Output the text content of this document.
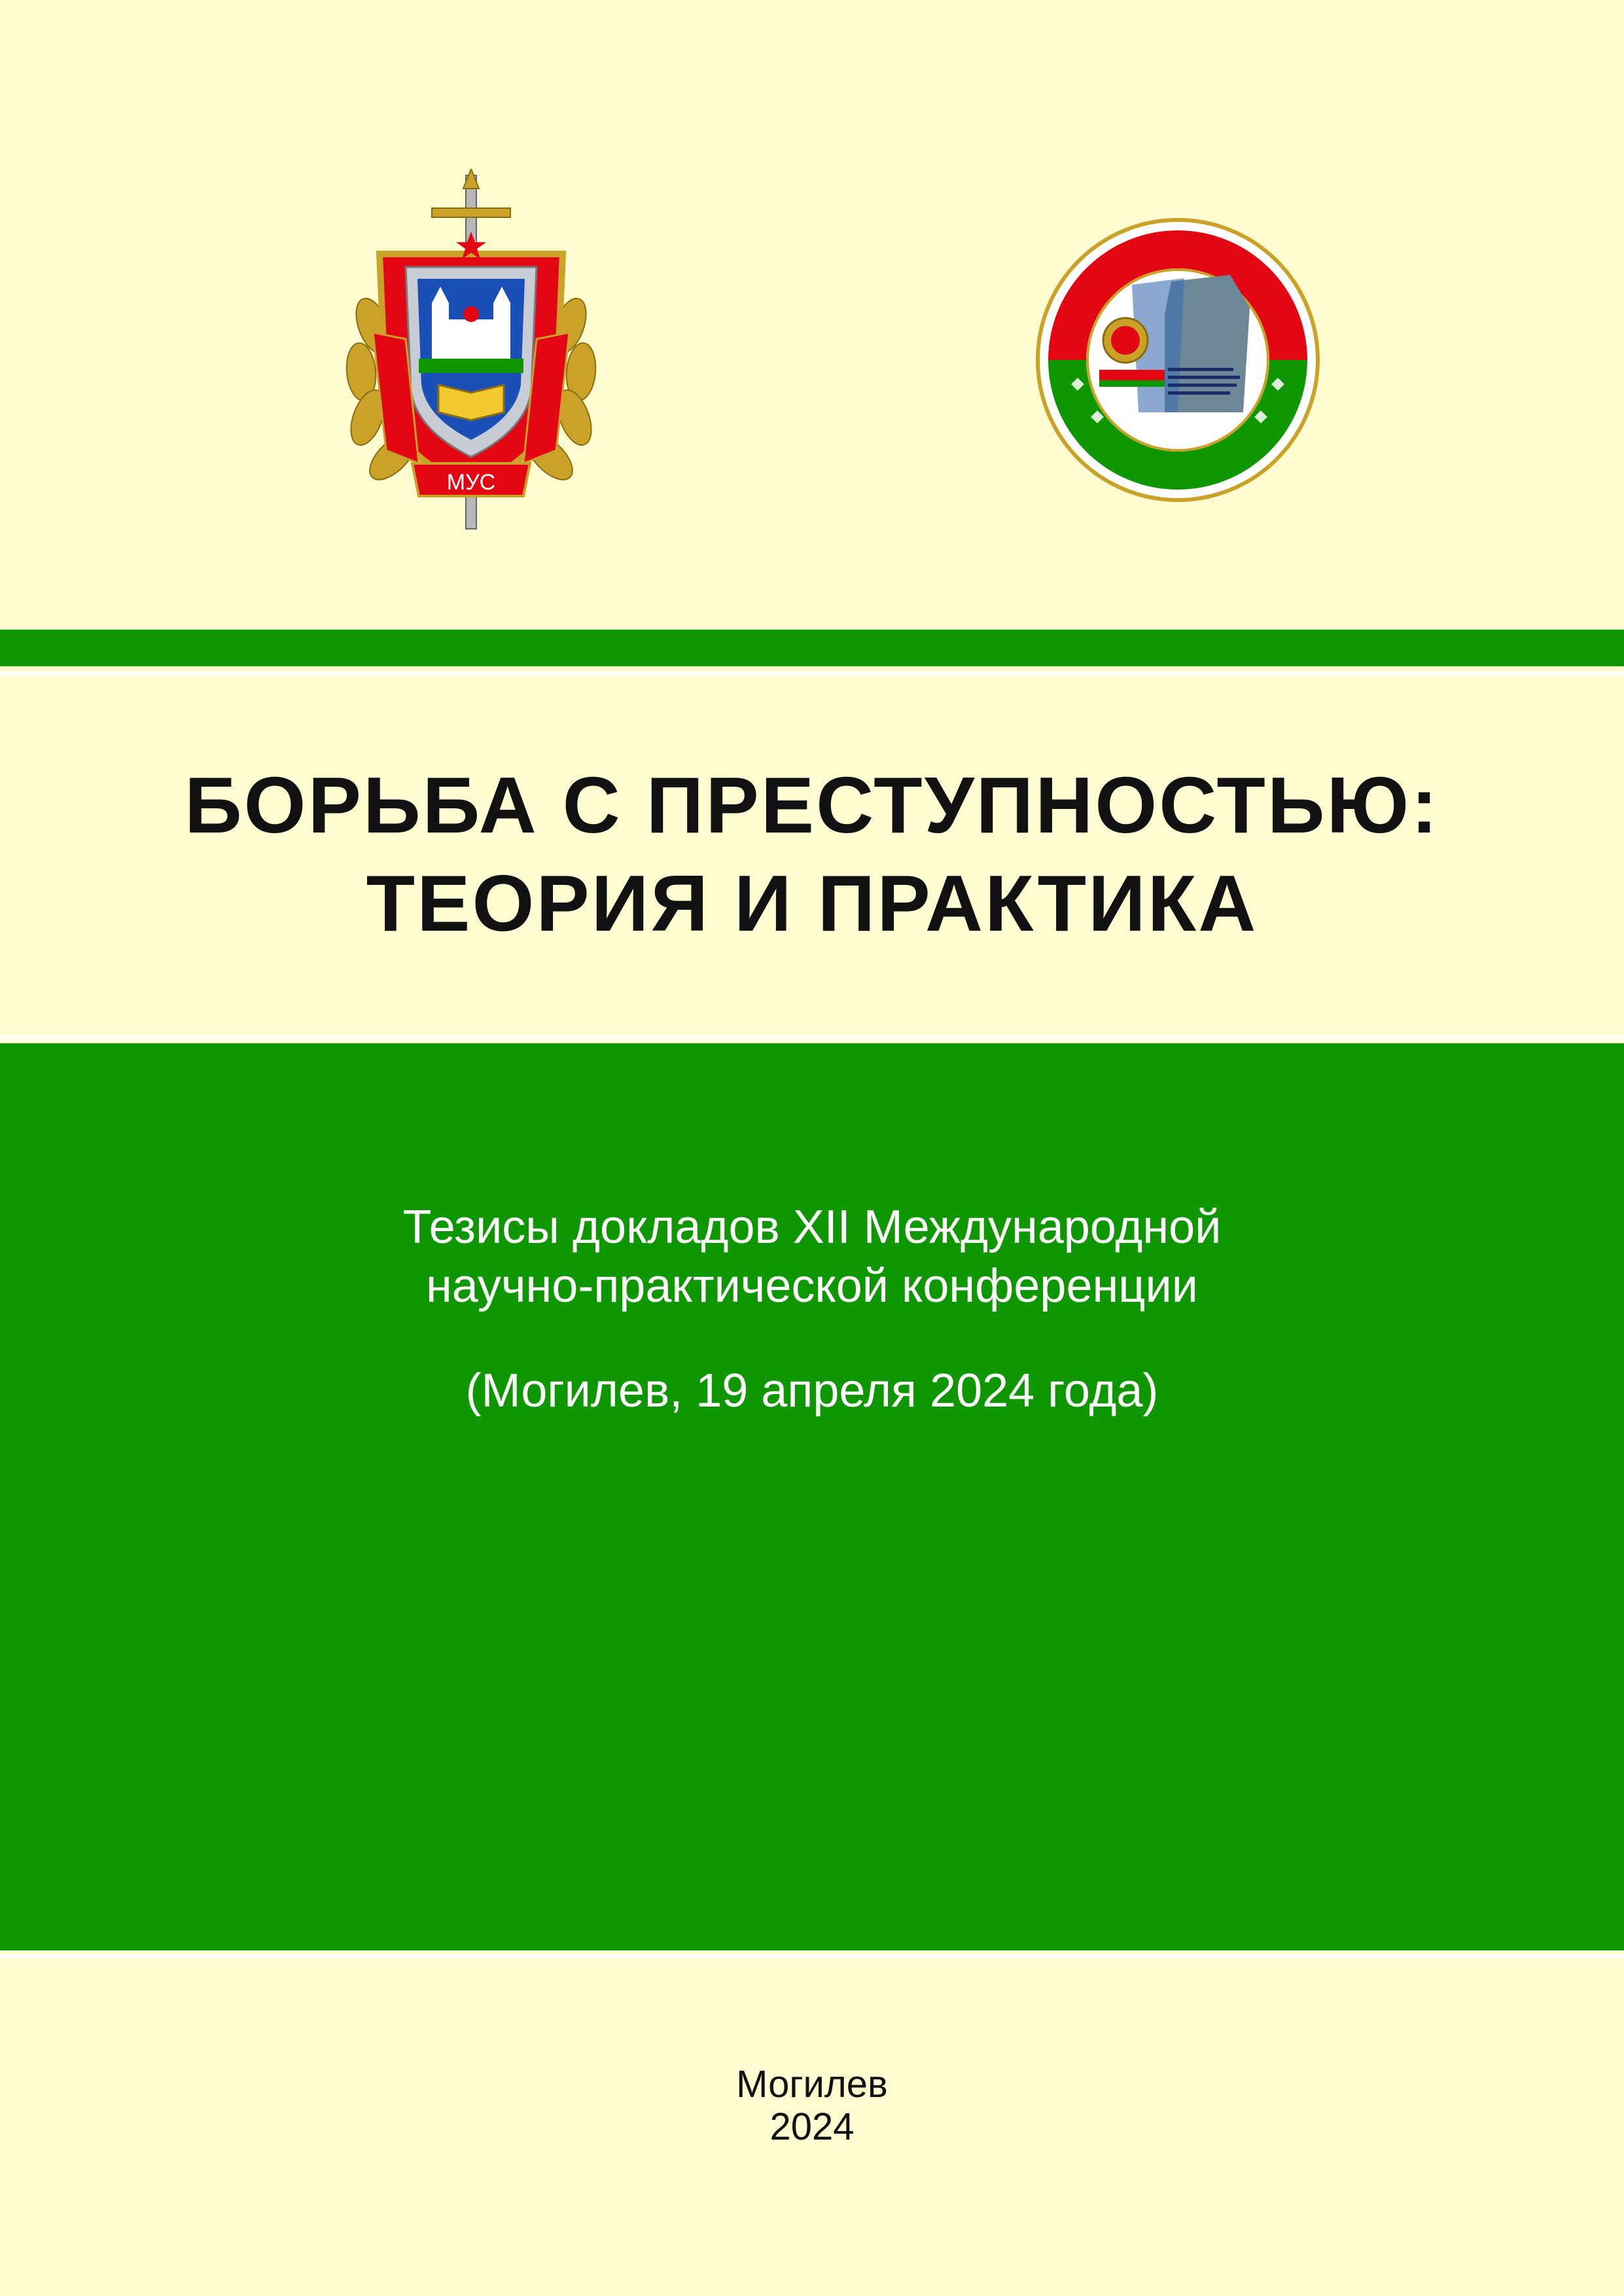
МУС
БОРЬБА С ПРЕСТУПНОСТЬЮ:
ТЕОРИЯ И ПРАКТИКА
Тезисы докладов XII Международной
научно-практической конференции
(Могилев, 19 апреля 2024 года)
Могилев
2024
